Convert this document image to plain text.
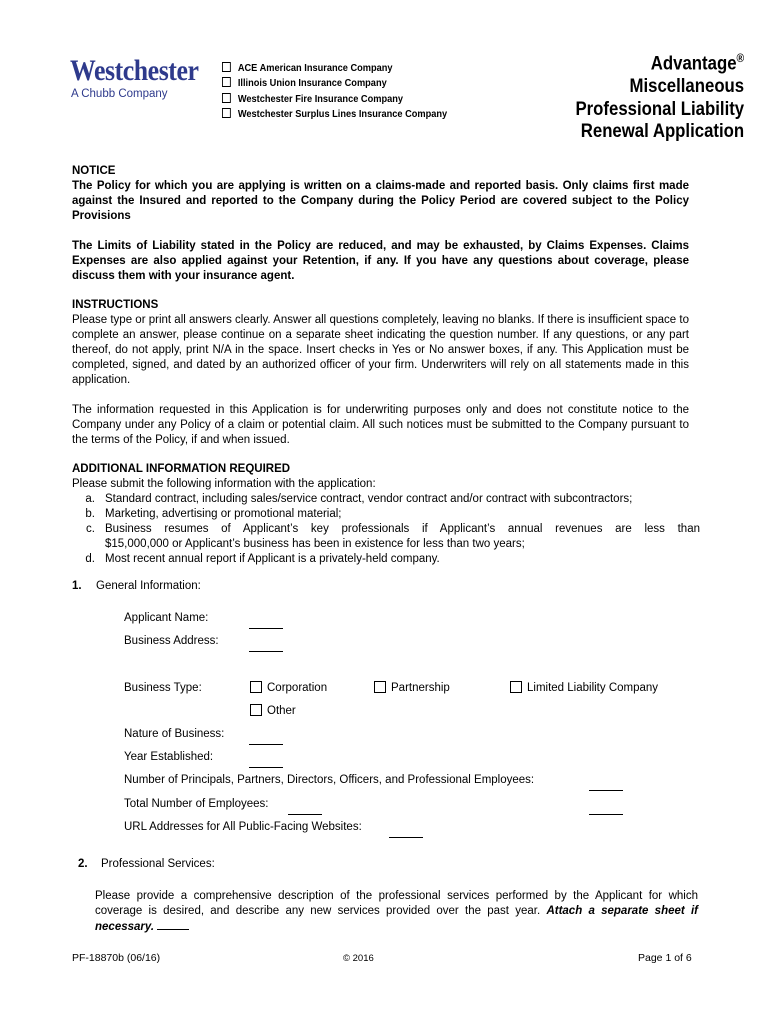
Westchester
A Chubb Company
ACE American Insurance Company
Illinois Union Insurance Company
Westchester Fire Insurance Company
Westchester Surplus Lines Insurance Company
Advantage®
Miscellaneous
Professional Liability
Renewal Application
NOTICE
The Policy for which you are applying is written on a claims-made and reported basis. Only claims first made against the Insured and reported to the Company during the Policy Period are covered subject to the Policy Provisions
The Limits of Liability stated in the Policy are reduced, and may be exhausted, by Claims Expenses. Claims Expenses are also applied against your Retention, if any. If you have any questions about coverage, please discuss them with your insurance agent.
INSTRUCTIONS
Please type or print all answers clearly. Answer all questions completely, leaving no blanks. If there is insufficient space to complete an answer, please continue on a separate sheet indicating the question number. If any questions, or any part thereof, do not apply, print N/A in the space. Insert checks in Yes or No answer boxes, if any. This Application must be completed, signed, and dated by an authorized officer of your firm. Underwriters will rely on all statements made in this application.
The information requested in this Application is for underwriting purposes only and does not constitute notice to the Company under any Policy of a claim or potential claim. All such notices must be submitted to the Company pursuant to the terms of the Policy, if and when issued.
ADDITIONAL INFORMATION REQUIRED
Please submit the following information with the application:
a. Standard contract, including sales/service contract, vendor contract and/or contract with subcontractors;
b. Marketing, advertising or promotional material;
c. Business resumes of Applicant’s key professionals if Applicant’s annual revenues are less than
$15,000,000 or Applicant’s business has been in existence for less than two years;
d. Most recent annual report if Applicant is a privately-held company.
1. General Information:
Applicant Name:
Business Address:
Business Type:	Corporation	Partnership	Limited Liability Company
Other
Nature of Business:
Year Established:
Number of Principals, Partners, Directors, Officers, and Professional Employees:
Total Number of Employees:
URL Addresses for All Public-Facing Websites:
2. Professional Services:
Please provide a comprehensive description of the professional services performed by the Applicant for which coverage is desired, and describe any new services provided over the past year. Attach a separate sheet if necessary.
PF-18870b (06/16)	© 2016	Page 1 of 6
